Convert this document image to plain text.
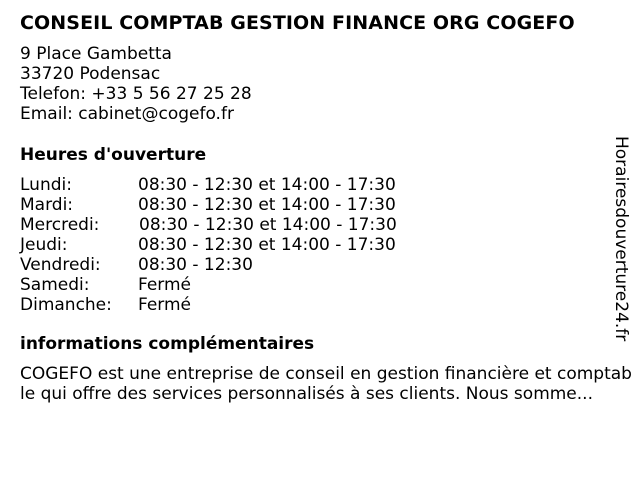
CONSEIL COMPTAB GESTION FINANCE ORG COGEFO
9 Place Gambetta
33720 Podensac
Telefon: +33 5 56 27 25 28
Email: cabinet@cogefo.fr
Heures d'ouverture
Lundi:	08:30 - 12:30 et 14:00 - 17:30
Mardi:	08:30 - 12:30 et 14:00 - 17:30
Mercredi: 08:30 - 12:30 et 14:00 - 17:30
Jeudi:	08:30 - 12:30 et 14:00 - 17:30
Vendredi: 08:30 - 12:30
Samedi:	Fermé
Dimanche: Fermé
informations complémentaires
COGEFO est une entreprise de conseil en gestion financière et comptable qui offre des services personnalisés à ses clients. Nous somme...
Horairesdouverture24.fr
